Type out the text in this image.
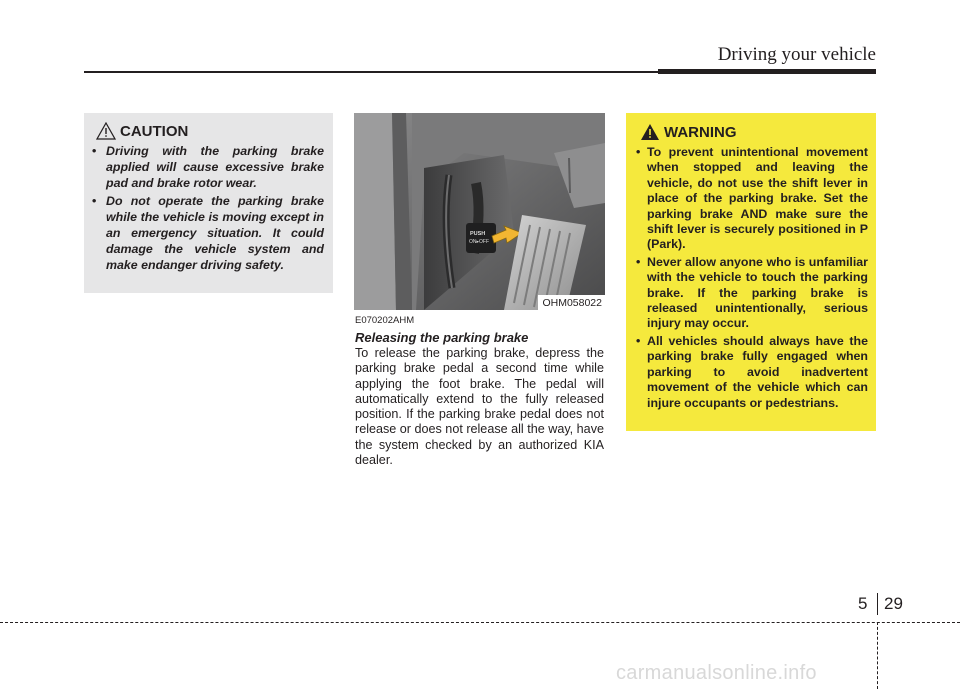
Driving your vehicle
CAUTION
• Driving with the parking brake applied will cause excessive brake pad and brake rotor wear.
• Do not operate the parking brake while the vehicle is moving except in an emergency situation. It could damage the vehicle system and make endanger driving safety.
PUSH
ON▸OFF
OHM058022
E070202AHM
Releasing the parking brake

To release the parking brake, depress the parking brake pedal a second time while applying the foot brake. The pedal will automatically extend to the fully released position. If the parking brake pedal does not release or does not release all the way, have the system checked by an authorized KIA dealer.

WARNING
• To prevent unintentional movement when stopped and leaving the vehicle, do not use the shift lever in place of the parking brake. Set the parking brake AND make sure the shift lever is securely positioned in P (Park).
• Never allow anyone who is unfamiliar with the vehicle to touch the parking brake. If the parking brake is released unintentionally, serious injury may occur.
• All vehicles should always have the parking brake fully engaged when parking to avoid inadvertent movement of the vehicle which can injure occupants or pedestrians.
5 29
carmanualsonline.info
